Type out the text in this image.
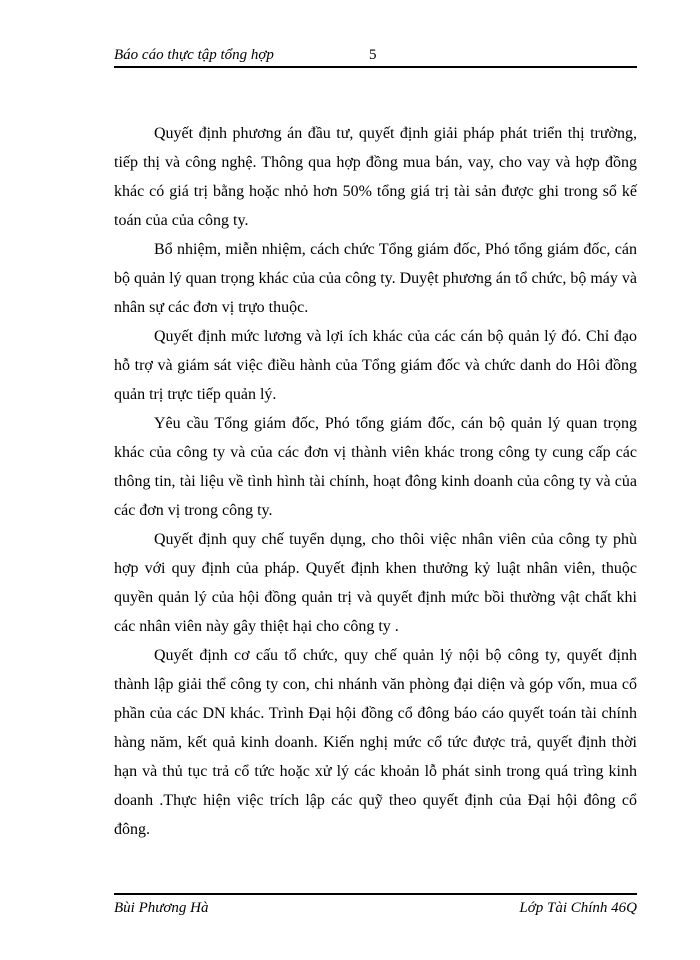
Báo cáo thực tập tổng hợp	5

Quyết định phương án đầu tư, quyết định giải pháp phát triển thị trường, tiếp thị và công nghệ. Thông qua hợp đồng mua bán, vay, cho vay và hợp đồng khác có giá trị bằng hoặc nhỏ hơn 50% tổng giá trị tài sản được ghi trong sổ kế toán của của công ty.

Bổ nhiệm, miễn nhiệm, cách chức Tổng giám đốc, Phó tổng giám đốc, cán bộ quản lý quan trọng khác của của công ty. Duyệt phương án tổ chức, bộ máy và nhân sự các đơn vị trựo thuộc.

Quyết định mức lương và lợi ích khác của các cán bộ quản lý đó. Chỉ đạo hỗ trợ và giám sát việc điều hành của Tổng giám đốc và chức danh do Hôi đồng quản trị trực tiếp quản lý.

Yêu cầu Tổng giám đốc, Phó tổng giám đốc, cán bộ quản lý quan trọng khác của công ty và của các đơn vị thành viên khác trong công ty cung cấp các thông tin, tài liệu về tình hình tài chính, hoạt đông kinh doanh của công ty và của các đơn vị trong công ty.

Quyết định quy chế tuyển dụng, cho thôi việc nhân viên của công ty phù hợp với quy định của pháp. Quyết định khen thưởng kỷ luật nhân viên, thuộc quyền quản lý của hội đồng quản trị và quyết định mức bồi thường vật chất khi các nhân viên này gây thiệt hại cho công ty .

Quyết định cơ cấu tổ chức, quy chế quản lý nội bộ công ty, quyết định thành lập giải thể công ty con, chi nhánh văn phòng đại diện và góp vốn, mua cổ phần của các DN khác. Trình Đại hội đồng cổ đông báo cáo quyết toán tài chính hàng năm, kết quả kinh doanh. Kiến nghị mức cổ tức được trả, quyết định thời hạn và thủ tục trả cổ tức hoặc xử lý các khoản lỗ phát sinh trong quá trìng kinh doanh .Thực hiện việc trích lập các quỹ theo quyết định của Đại hội đông cổ đông.

Bùi Phương Hà	Lớp Tài Chính 46Q
